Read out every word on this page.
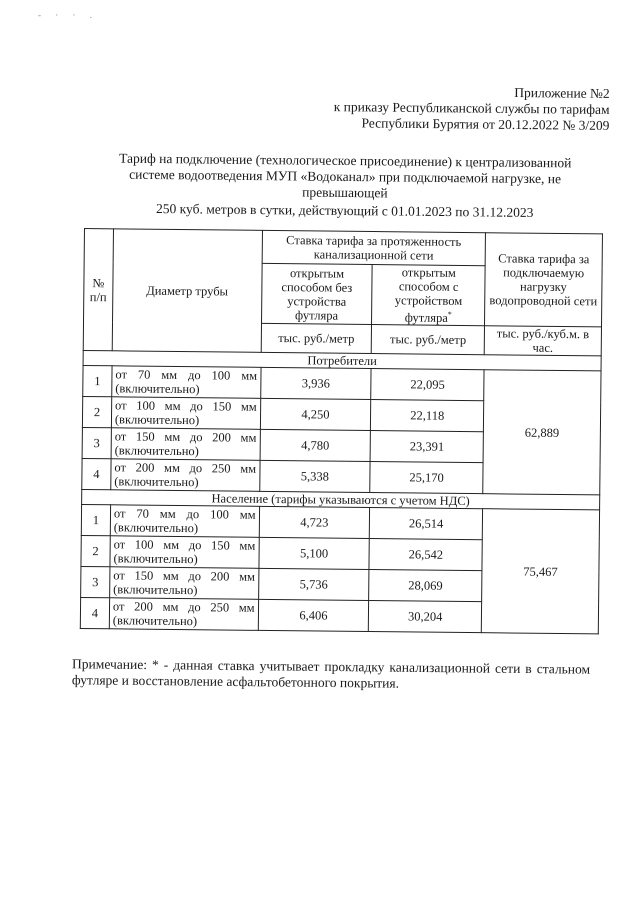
- · · .
Приложение №2
к приказу Республиканской службы по тарифам
Республики Бурятия от 20.12.2022 № 3/209
Тариф на подключение (технологическое присоединение) к централизованной системе водоотведения МУП «Водоканал» при подключаемой нагрузке, не превышающей
250 куб. метров в сутки, действующий с 01.01.2023 по 31.12.2023
№ п/п	Диаметр трубы	Ставка тарифа за протяженность канализационной сети		Ставка тарифа за подключаемую нагрузку водопроводной сети
		открытым способом без устройства футляра	открытым способом с устройством футляра*
		тыс. руб./метр	тыс. руб./метр	тыс. руб./куб.м. в час.
Потребители				
1	от 70 мм до 100 мм (включительно)	3,936	22,095	62,889
2	от 100 мм до 150 мм (включительно)	4,250	22,118	
3	от 150 мм до 200 мм (включительно)	4,780	23,391	
4	от 200 мм до 250 мм (включительно)	5,338	25,170	
Население (тарифы указываются с учетом НДС)				
1	от 70 мм до 100 мм (включительно)	4,723	26,514	75,467
2	от 100 мм до 150 мм (включительно)	5,100	26,542	
3	от 150 мм до 200 мм (включительно)	5,736	28,069	
4	от 200 мм до 250 мм (включительно)	6,406	30,204	
Примечание: * - данная ставка учитывает прокладку канализационной сети в стальном футляре и восстановление асфальтобетонного покрытия.
